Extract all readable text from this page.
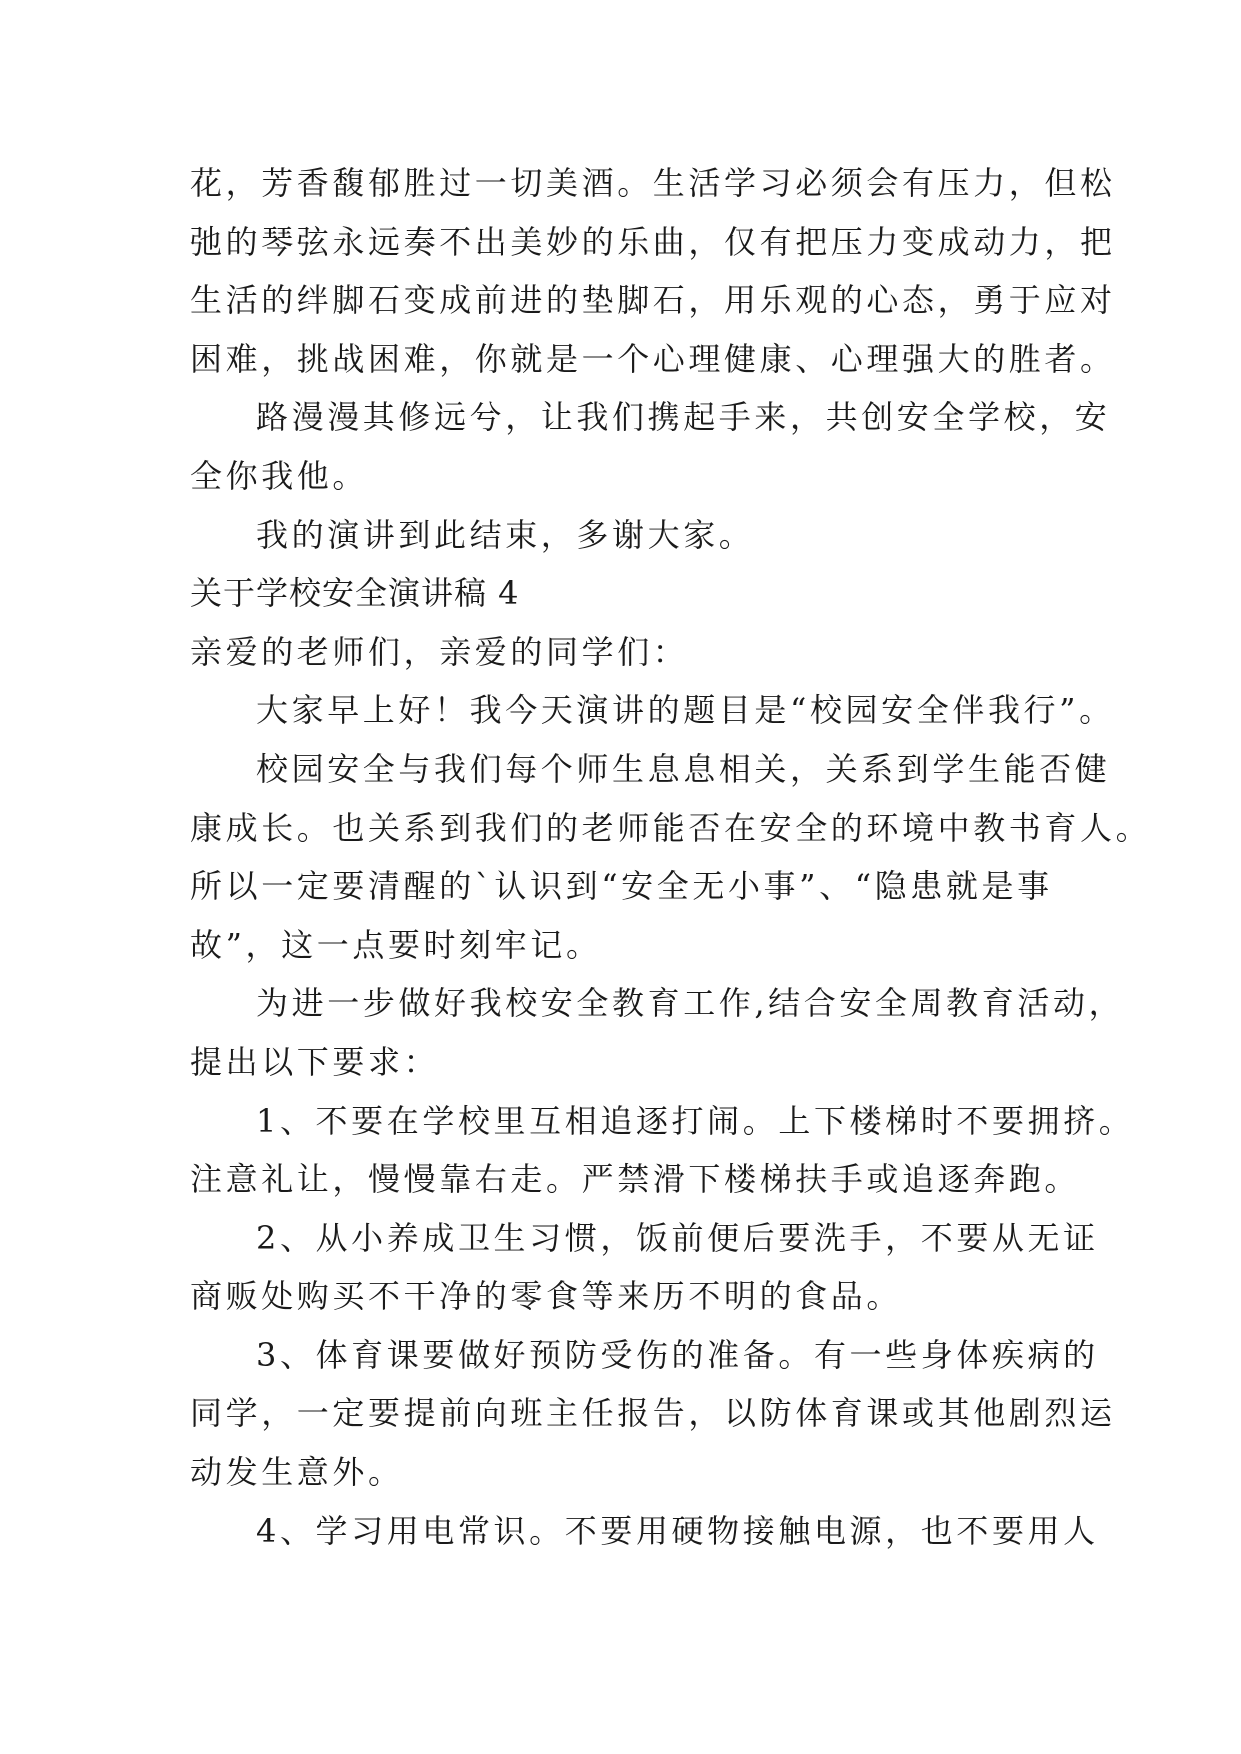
花，芳香馥郁胜过一切美酒。生活学习必须会有压力，但松
弛的琴弦永远奏不出美妙的乐曲，仅有把压力变成动力，把
生活的绊脚石变成前进的垫脚石，用乐观的心态，勇于应对
困难，挑战困难，你就是一个心理健康、心理强大的胜者。
路漫漫其修远兮，让我们携起手来，共创安全学校，安
全你我他。
我的演讲到此结束，多谢大家。
关于学校安全演讲稿 4
亲爱的老师们，亲爱的同学们：
大家早上好！我今天演讲的题目是“校园安全伴我行”。
校园安全与我们每个师生息息相关，关系到学生能否健
康成长。也关系到我们的老师能否在安全的环境中教书育人。
所以一定要清醒的`认识到“安全无小事”、“隐患就是事
故”，这一点要时刻牢记。
为进一步做好我校安全教育工作,结合安全周教育活动，
提出以下要求：
1、不要在学校里互相追逐打闹。上下楼梯时不要拥挤。
注意礼让，慢慢靠右走。严禁滑下楼梯扶手或追逐奔跑。
2、从小养成卫生习惯，饭前便后要洗手，不要从无证
商贩处购买不干净的零食等来历不明的食品。
3、体育课要做好预防受伤的准备。有一些身体疾病的
同学，一定要提前向班主任报告，以防体育课或其他剧烈运
动发生意外。
4、学习用电常识。不要用硬物接触电源，也不要用人
